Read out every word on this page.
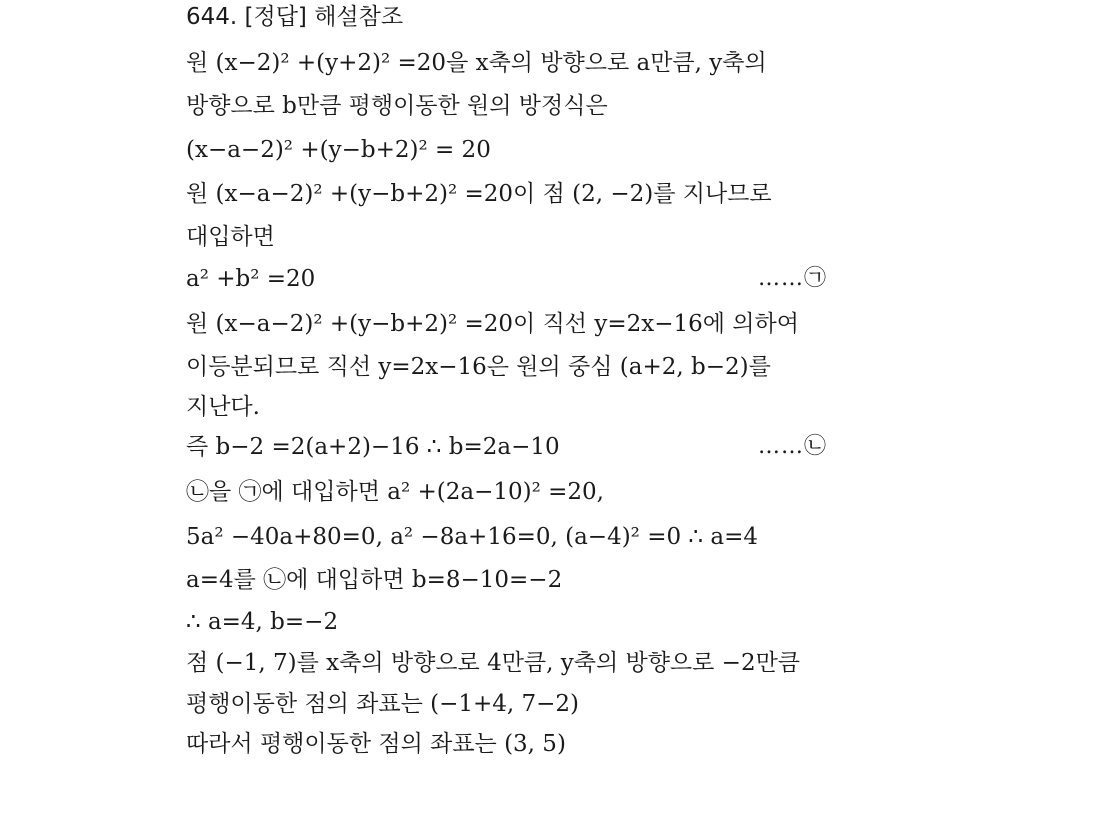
644. [정답] 해설참조
원 (x−2)² +(y+2)² =20을 x축의 방향으로 a만큼, y축의
방향으로 b만큼 평행이동한 원의 방정식은
(x−a−2)² +(y−b+2)² = 20
원 (x−a−2)² +(y−b+2)² =20이 점 (2, −2)를 지나므로
대입하면
a² +b² =20	……㉠
원 (x−a−2)² +(y−b+2)² =20이 직선 y=2x−16에 의하여
이등분되므로 직선 y=2x−16은 원의 중심 (a+2, b−2)를
지난다.
즉 b−2 =2(a+2)−16 ∴ b=2a−10	……㉡
㉡을 ㉠에 대입하면 a² +(2a−10)² =20,
5a² −40a+80=0, a² −8a+16=0, (a−4)² =0 ∴ a=4
a=4를 ㉡에 대입하면 b=8−10=−2
∴ a=4, b=−2
점 (−1, 7)를 x축의 방향으로 4만큼, y축의 방향으로 −2만큼
평행이동한 점의 좌표는 (−1+4, 7−2)
따라서 평행이동한 점의 좌표는 (3, 5)
